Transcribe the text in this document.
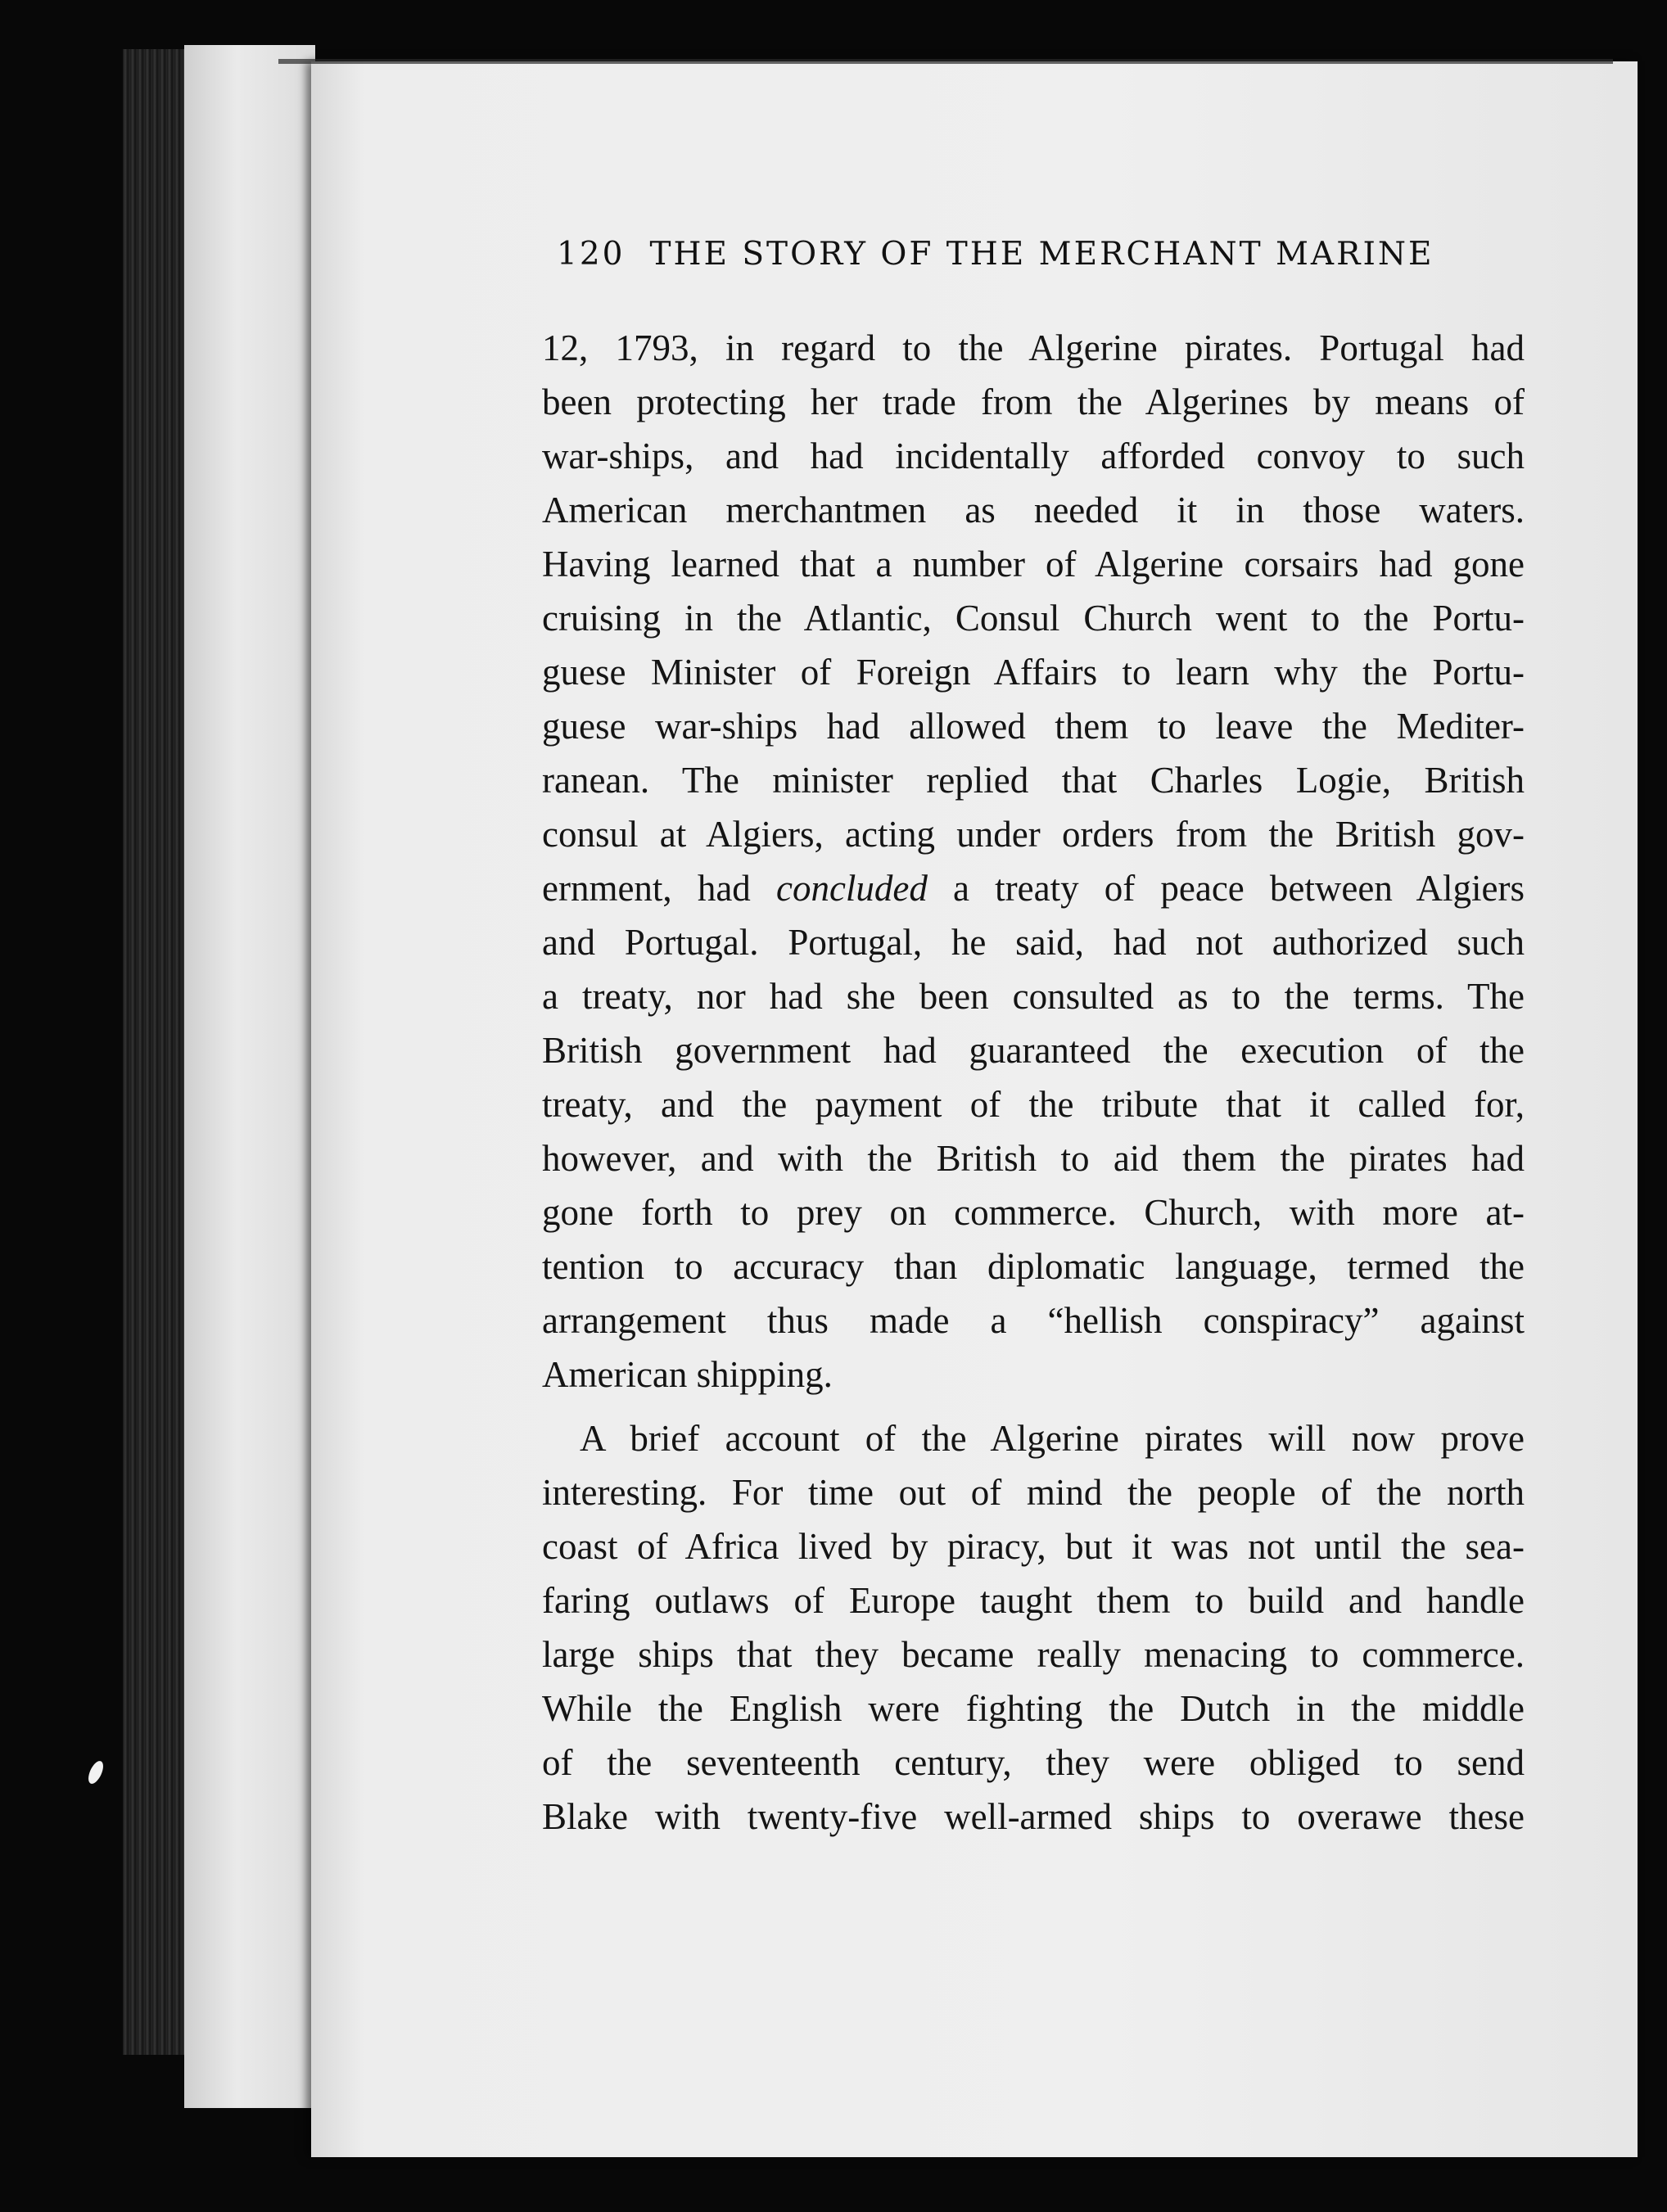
120 THE STORY OF THE MERCHANT MARINE
12, 1793, in regard to the Algerine pirates. Portugal had
been protecting her trade from the Algerines by means of
war-ships, and had incidentally afforded convoy to such
American merchantmen as needed it in those waters.
Having learned that a number of Algerine corsairs had gone
cruising in the Atlantic, Consul Church went to the Portu-
guese Minister of Foreign Affairs to learn why the Portu-
guese war-ships had allowed them to leave the Mediter-
ranean. The minister replied that Charles Logie, British
consul at Algiers, acting under orders from the British gov-
ernment, had concluded a treaty of peace between Algiers
and Portugal. Portugal, he said, had not authorized such
a treaty, nor had she been consulted as to the terms. The
British government had guaranteed the execution of the
treaty, and the payment of the tribute that it called for,
however, and with the British to aid them the pirates had
gone forth to prey on commerce. Church, with more at-
tention to accuracy than diplomatic language, termed the
arrangement thus made a “hellish conspiracy” against
American shipping.
A brief account of the Algerine pirates will now prove
interesting. For time out of mind the people of the north
coast of Africa lived by piracy, but it was not until the sea-
faring outlaws of Europe taught them to build and handle
large ships that they became really menacing to commerce.
While the English were fighting the Dutch in the middle
of the seventeenth century, they were obliged to send
Blake with twenty-five well-armed ships to overawe these
